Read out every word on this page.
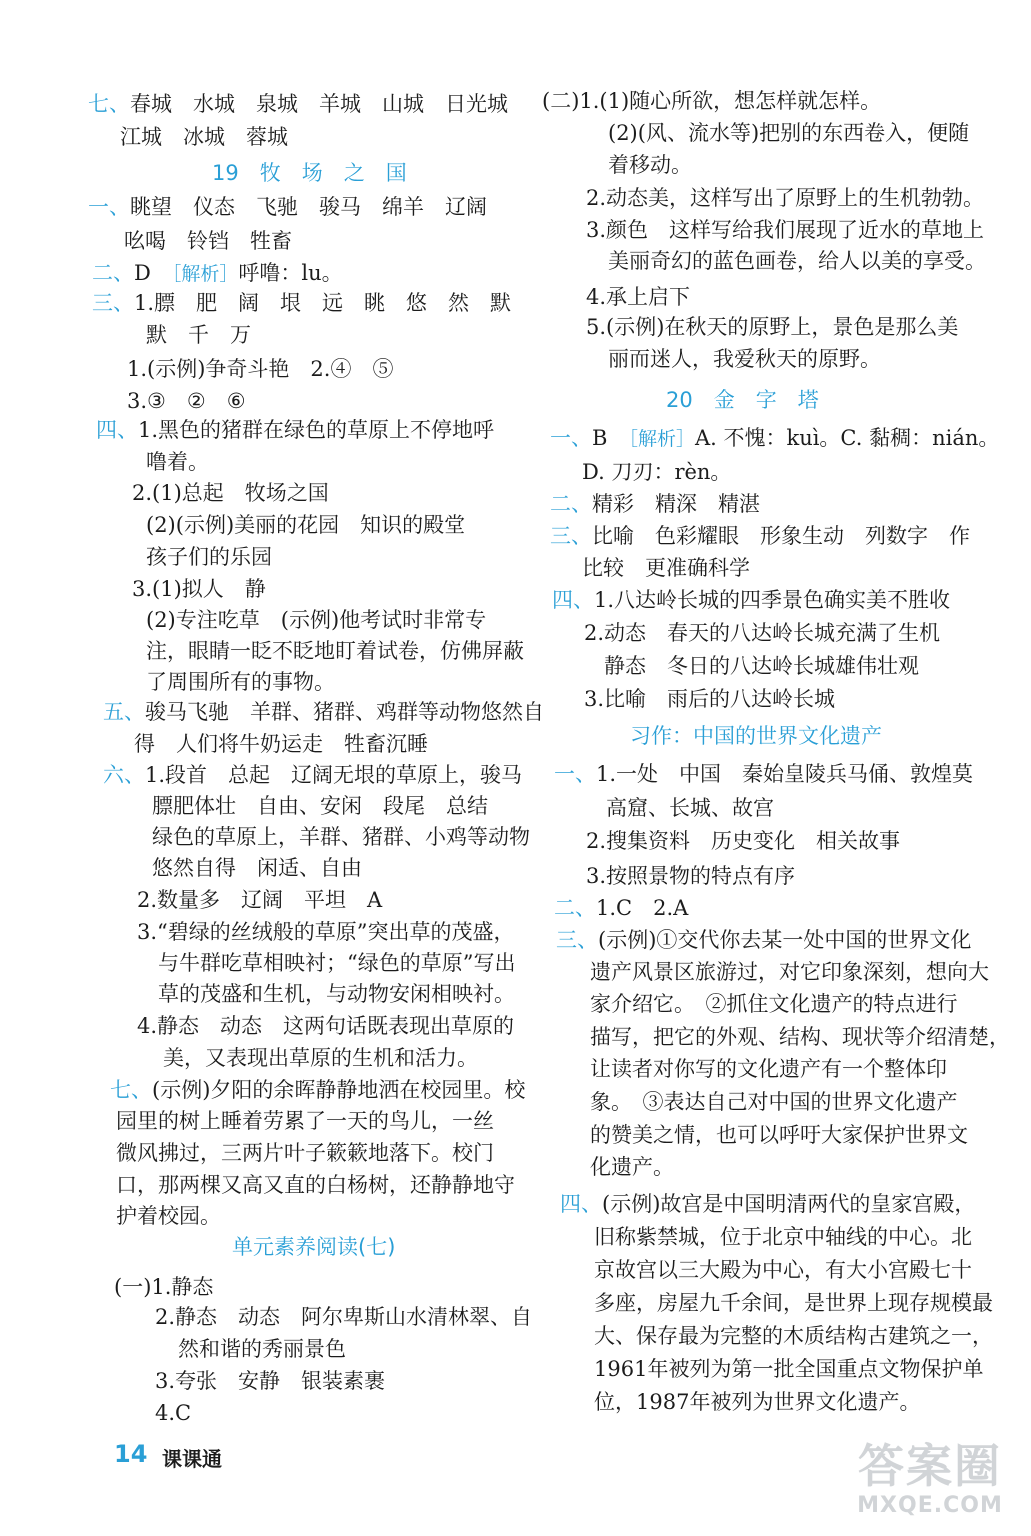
七、春城　水城　泉城　羊城　山城　日光城
江城　冰城　蓉城
19　牧　场　之　国
一、眺望　仪态　飞驰　骏马　绵羊　辽阔
吆喝　铃铛　牲畜
二、D　［解析］呼噜：lu。
三、1.膘　肥　阔　垠　远　眺　悠　然　默
默　千　万
1.(示例)争奇斗艳　2.④　⑤
3.③　②　⑥
四、1.黑色的猪群在绿色的草原上不停地呼
噜着。
2.(1)总起　牧场之国
(2)(示例)美丽的花园　知识的殿堂
孩子们的乐园
3.(1)拟人　静
(2)专注吃草　(示例)他考试时非常专
注，眼睛一眨不眨地盯着试卷，仿佛屏蔽
了周围所有的事物。
五、骏马飞驰　羊群、猪群、鸡群等动物悠然自
得　人们将牛奶运走　牲畜沉睡
六、1.段首　总起　辽阔无垠的草原上，骏马
膘肥体壮　自由、安闲　段尾　总结
绿色的草原上，羊群、猪群、小鸡等动物
悠然自得　闲适、自由
2.数量多　辽阔　平坦　A
3.“碧绿的丝绒般的草原”突出草的茂盛，
与牛群吃草相映衬；“绿色的草原”写出
草的茂盛和生机，与动物安闲相映衬。
4.静态　动态　这两句话既表现出草原的
美，又表现出草原的生机和活力。
七、(示例)夕阳的余晖静静地洒在校园里。校
园里的树上睡着劳累了一天的鸟儿，一丝
微风拂过，三两片叶子簌簌地落下。校门
口，那两棵又高又直的白杨树，还静静地守
护着校园。
单元素养阅读(七)
(一)1.静态
2.静态　动态　阿尔卑斯山水清林翠、自
然和谐的秀丽景色
3.夸张　安静　银装素裹
4.C
(二)1.(1)随心所欲，想怎样就怎样。
(2)(风、流水等)把别的东西卷入，便随
着移动。
2.动态美，这样写出了原野上的生机勃勃。
3.颜色　这样写给我们展现了近水的草地上
美丽奇幻的蓝色画卷，给人以美的享受。
4.承上启下
5.(示例)在秋天的原野上，景色是那么美
丽而迷人，我爱秋天的原野。
20　金　字　塔
一、B　［解析］A. 不愧：kuì。C. 黏稠：nián。
D. 刀刃：rèn。
二、精彩　精深　精湛
三、比喻　色彩耀眼　形象生动　列数字　作
比较　更准确科学
四、1.八达岭长城的四季景色确实美不胜收
2.动态　春天的八达岭长城充满了生机
静态　冬日的八达岭长城雄伟壮观
3.比喻　雨后的八达岭长城
习作：中国的世界文化遗产
一、1.一处　中国　秦始皇陵兵马俑、敦煌莫
高窟、长城、故宫
2.搜集资料　历史变化　相关故事
3.按照景物的特点有序
二、1.C　2.A
三、(示例)①交代你去某一处中国的世界文化
遗产风景区旅游过，对它印象深刻，想向大
家介绍它。　②抓住文化遗产的特点进行
描写，把它的外观、结构、现状等介绍清楚，
让读者对你写的文化遗产有一个整体印
象。　③表达自己对中国的世界文化遗产
的赞美之情，也可以呼吁大家保护世界文
化遗产。
四、(示例)故宫是中国明清两代的皇家宫殿，
旧称紫禁城，位于北京中轴线的中心。北
京故宫以三大殿为中心，有大小宫殿七十
多座，房屋九千余间，是世界上现存规模最
大、保存最为完整的木质结构古建筑之一，
1961年被列为第一批全国重点文物保护单
位，1987年被列为世界文化遗产。
14 课课通	答案圈
MXQE.COM
